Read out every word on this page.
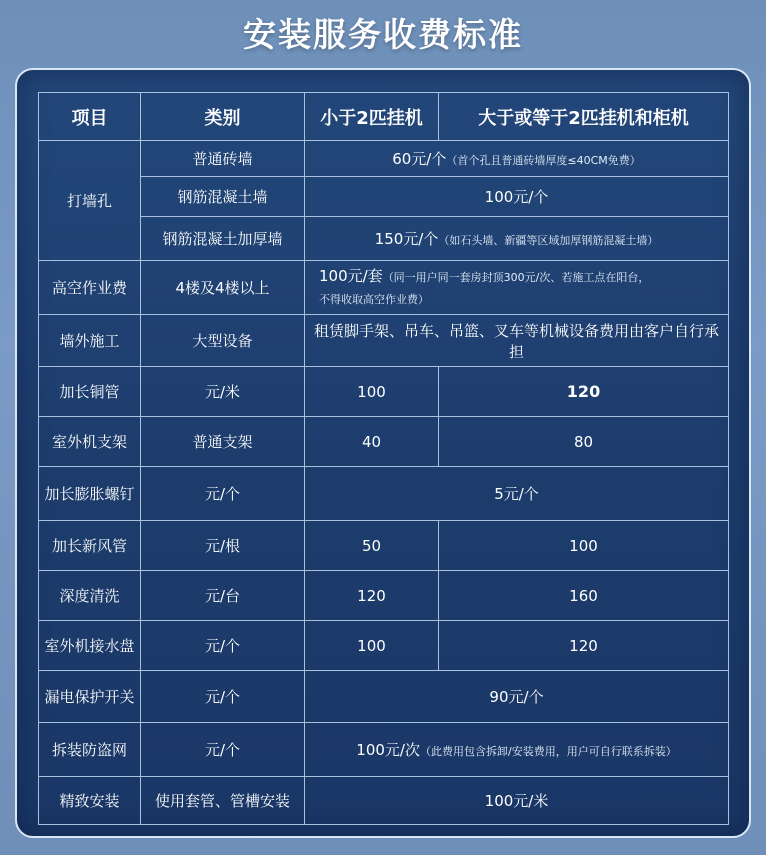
安装服务收费标准
项目	类别	小于2匹挂机	大于或等于2匹挂机和柜机
打墙孔	普通砖墙	60元/个（首个孔且普通砖墙厚度≤40CM免费）	
	钢筋混凝土墙	100元/个	
	钢筋混凝土加厚墙	150元/个（如石头墙、新疆等区域加厚钢筋混凝土墙）	
高空作业费	4楼及4楼以上	100元/套（同一用户同一套房封顶300元/次、若施工点在阳台，
不得收取高空作业费）	
墙外施工	大型设备	租赁脚手架、吊车、吊篮、叉车等机械设备费用由客户自行承担	
加长铜管	元/米	100	120
室外机支架	普通支架	40	80
加长膨胀螺钉	元/个	5元/个	
加长新风管	元/根	50	100
深度清洗	元/台	120	160
室外机接水盘	元/个	100	120
漏电保护开关	元/个	90元/个	
拆装防盗网	元/个	100元/次（此费用包含拆卸/安装费用，用户可自行联系拆装）	
精致安装	使用套管、管槽安装	100元/米	
